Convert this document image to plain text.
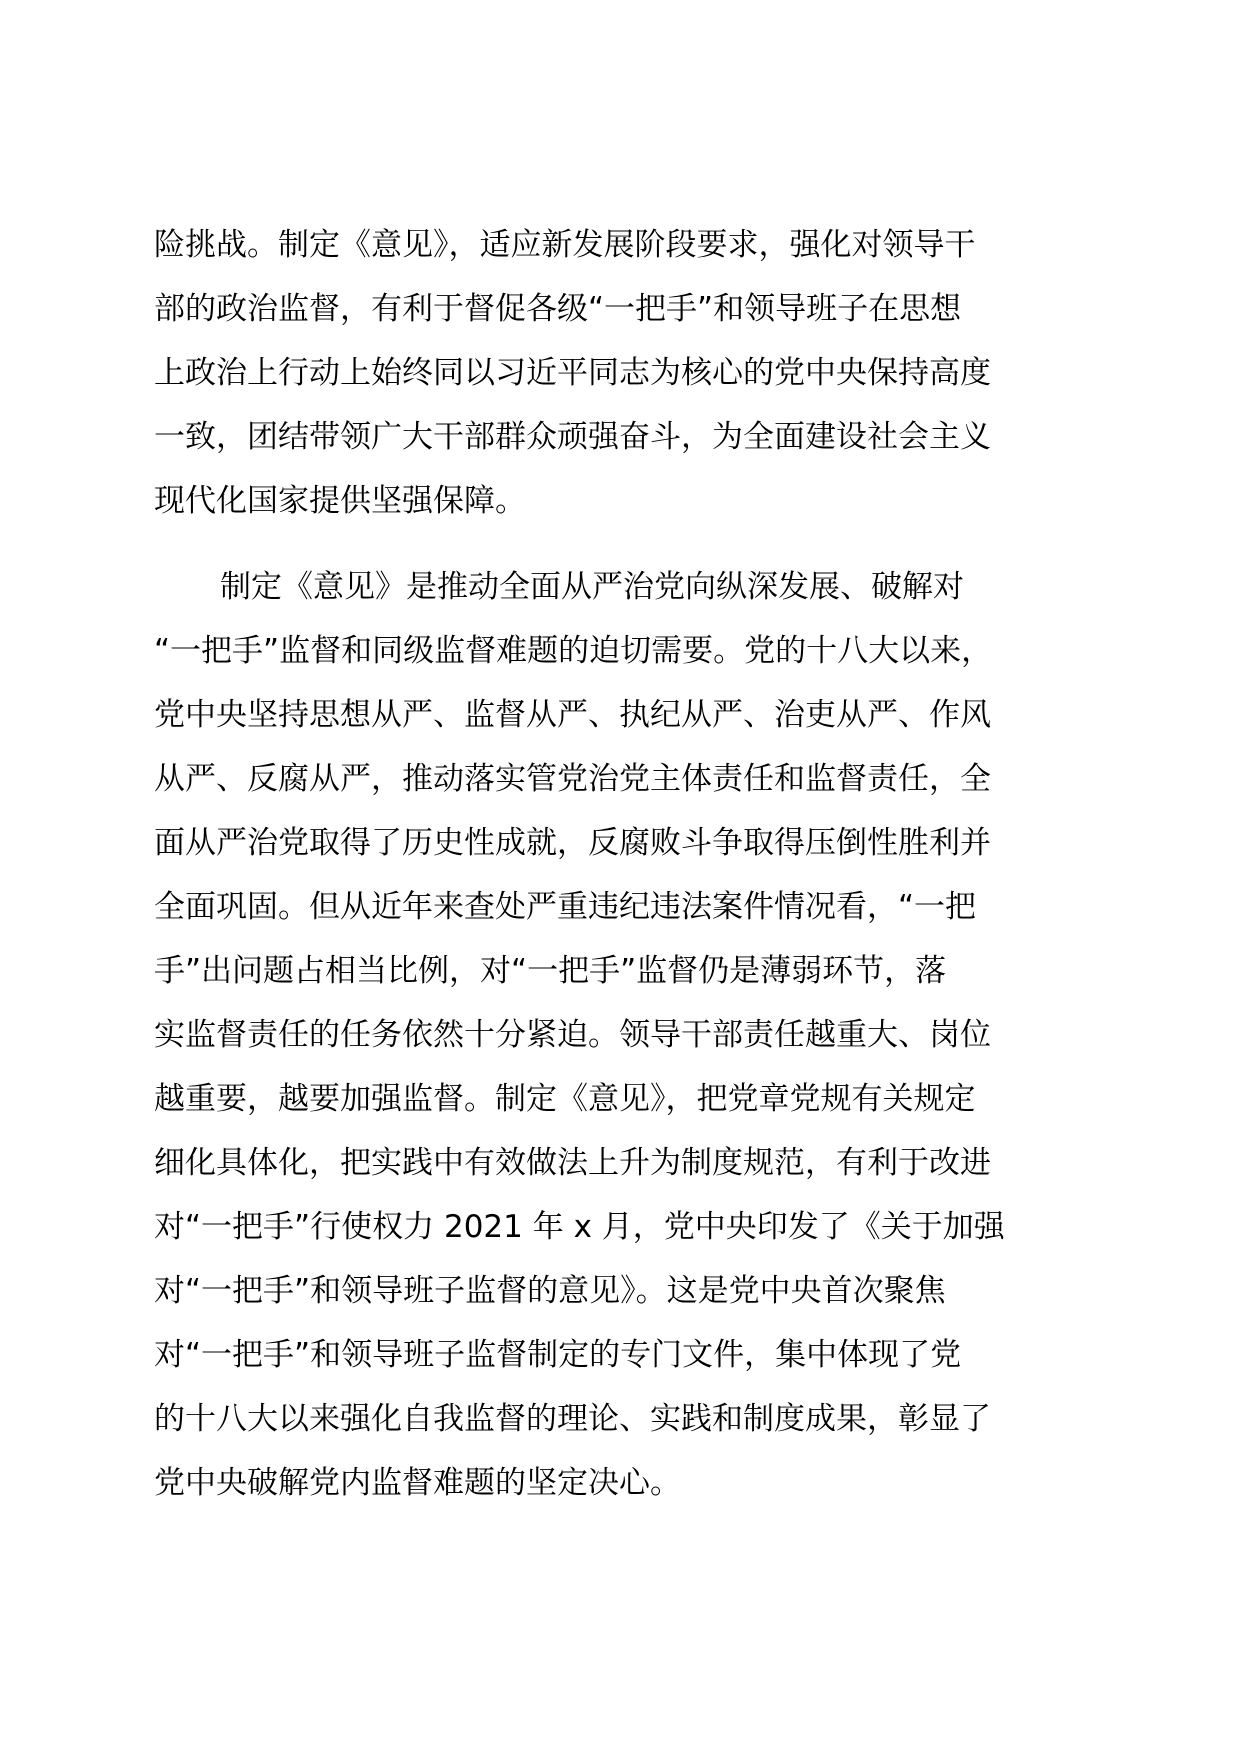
险挑战。制定《意见》，适应新发展阶段要求，强化对领导干
部的政治监督，有利于督促各级“一把手”和领导班子在思想
上政治上行动上始终同以习近平同志为核心的党中央保持高度
一致，团结带领广大干部群众顽强奋斗，为全面建设社会主义
现代化国家提供坚强保障。
制定《意见》是推动全面从严治党向纵深发展、破解对
“一把手”监督和同级监督难题的迫切需要。党的十八大以来，
党中央坚持思想从严、监督从严、执纪从严、治吏从严、作风
从严、反腐从严，推动落实管党治党主体责任和监督责任，全
面从严治党取得了历史性成就，反腐败斗争取得压倒性胜利并
全面巩固。但从近年来查处严重违纪违法案件情况看，“一把
手”出问题占相当比例，对“一把手”监督仍是薄弱环节，落
实监督责任的任务依然十分紧迫。领导干部责任越重大、岗位
越重要，越要加强监督。制定《意见》，把党章党规有关规定
细化具体化，把实践中有效做法上升为制度规范，有利于改进
对“一把手”行使权力 2021 年 x 月，党中央印发了《关于加强
对“一把手”和领导班子监督的意见》。这是党中央首次聚焦
对“一把手”和领导班子监督制定的专门文件，集中体现了党
的十八大以来强化自我监督的理论、实践和制度成果，彰显了
党中央破解党内监督难题的坚定决心。
